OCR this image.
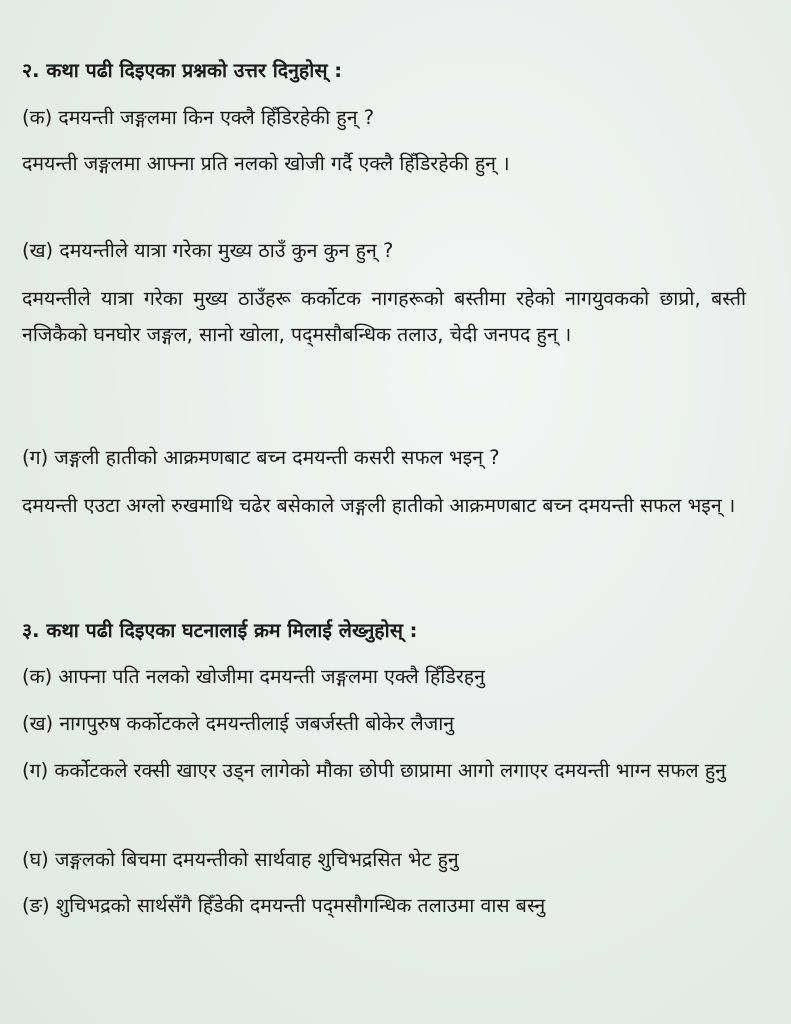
२. कथा पढी दिइएका प्रश्नको उत्तर दिनुहोस् :
(क) दमयन्ती जङ्गलमा किन एक्लै हिँडिरहेकी हुन् ?
दमयन्ती जङ्गलमा आफ्ना प्रति नलको खोजी गर्दै एक्लै हिँडिरहेकी हुन् ।
(ख) दमयन्तीले यात्रा गरेका मुख्य ठाउँ कुन कुन हुन् ?
दमयन्तीले यात्रा गरेका मुख्य ठाउँहरू कर्कोटक नागहरूको बस्तीमा रहेको नागयुवकको छाप्रो, बस्ती नजिकैको घनघोर जङ्गल, सानो खोला, पद्‌मसौबन्धिक तलाउ, चेदी जनपद हुन् ।
(ग) जङ्गली हातीको आक्रमणबाट बच्न दमयन्ती कसरी सफल भइन् ?
दमयन्ती एउटा अग्लो रुखमाथि चढेर बसेकाले जङ्गली हातीको आक्रमणबाट बच्न दमयन्ती सफल भइन् ।
३. कथा पढी दिइएका घटनालाई क्रम मिलाई लेख्नुहोस् :
(क) आफ्ना पति नलको खोजीमा दमयन्ती जङ्गलमा एक्लै हिँडिरहनु
(ख) नागपुरुष कर्कोटकले दमयन्तीलाई जबर्जस्ती बोकेर लैजानु
(ग) कर्कोटकले रक्सी खाएर उड्न लागेको मौका छोपी छाप्रामा आगो लगाएर दमयन्ती भाग्न सफल हुनु
(घ) जङ्गलको बिचमा दमयन्तीको सार्थवाह शुचिभद्रसित भेट हुनु
(ङ) शुचिभद्रको सार्थसँगै हिँडेकी दमयन्ती पद्‌मसौगन्धिक तलाउमा वास बस्नु
